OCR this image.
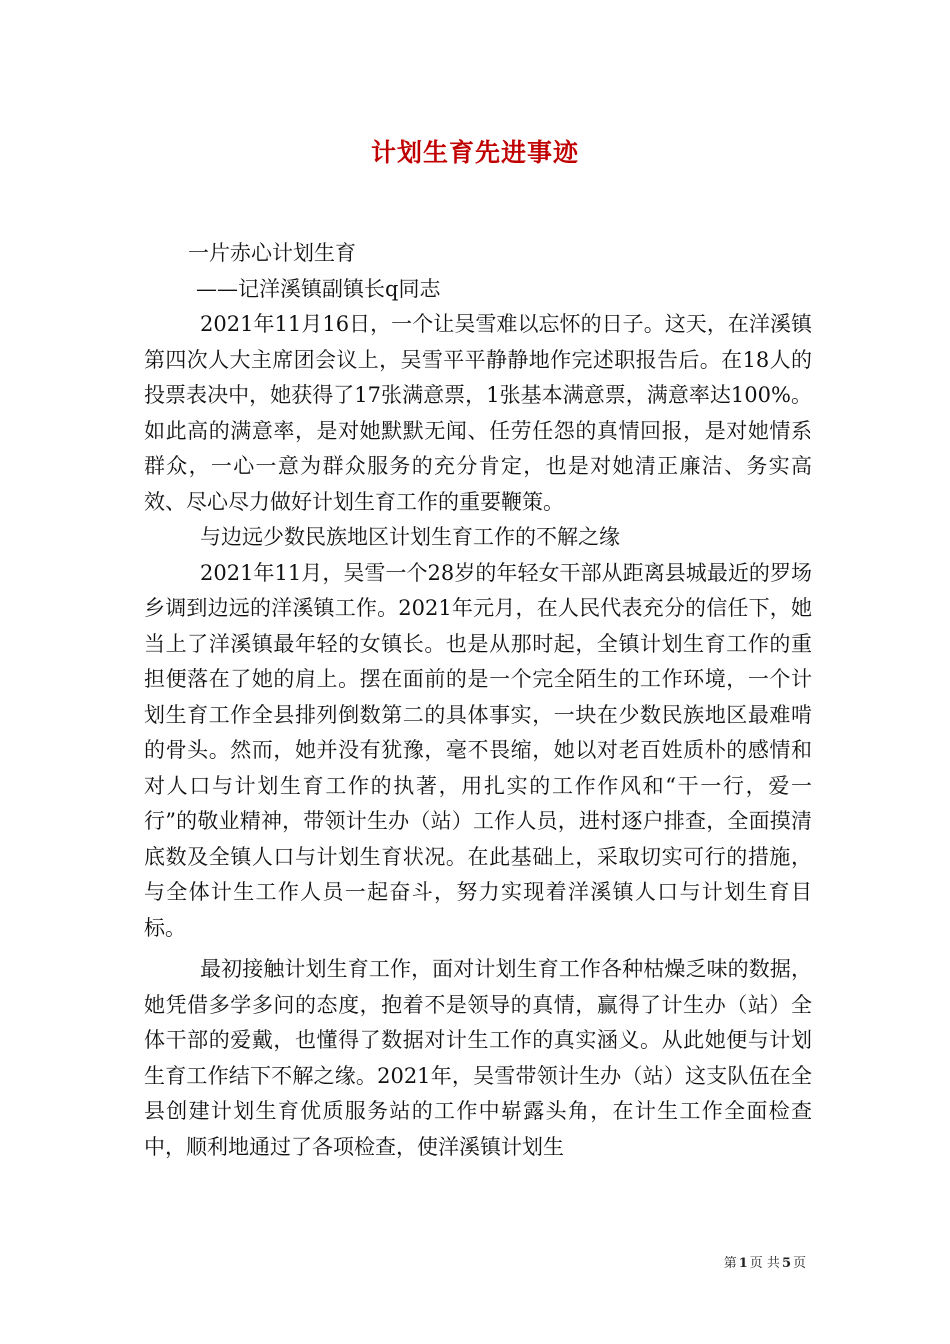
计划生育先进事迹

一片赤心计划生育

——记洋溪镇副镇长q同志

2021年11月16日，一个让吴雪难以忘怀的日子。这天，在洋溪镇第四次人大主席团会议上，吴雪平平静静地作完述职报告后。在18人的投票表决中，她获得了17张满意票，1张基本满意票，满意率达100%。如此高的满意率，是对她默默无闻、任劳任怨的真情回报，是对她情系群众，一心一意为群众服务的充分肯定，也是对她清正廉洁、务实高效、尽心尽力做好计划生育工作的重要鞭策。

与边远少数民族地区计划生育工作的不解之缘

2021年11月，吴雪一个28岁的年轻女干部从距离县城最近的罗场乡调到边远的洋溪镇工作。2021年元月，在人民代表充分的信任下，她当上了洋溪镇最年轻的女镇长。也是从那时起，全镇计划生育工作的重担便落在了她的肩上。摆在面前的是一个完全陌生的工作环境，一个计划生育工作全县排列倒数第二的具体事实，一块在少数民族地区最难啃的骨头。然而，她并没有犹豫，毫不畏缩，她以对老百姓质朴的感情和对人口与计划生育工作的执著，用扎实的工作作风和“干一行，爱一行”的敬业精神，带领计生办（站）工作人员，进村逐户排查，全面摸清底数及全镇人口与计划生育状况。在此基础上，采取切实可行的措施，与全体计生工作人员一起奋斗，努力实现着洋溪镇人口与计划生育目标。

最初接触计划生育工作，面对计划生育工作各种枯燥乏味的数据，她凭借多学多问的态度，抱着不是领导的真情，赢得了计生办（站）全体干部的爱戴，也懂得了数据对计生工作的真实涵义。从此她便与计划生育工作结下不解之缘。2021年，吴雪带领计生办（站）这支队伍在全县创建计划生育优质服务站的工作中崭露头角，在计生工作全面检查中，顺利地通过了各项检查，使洋溪镇计划生

第 1 页 共 5 页
